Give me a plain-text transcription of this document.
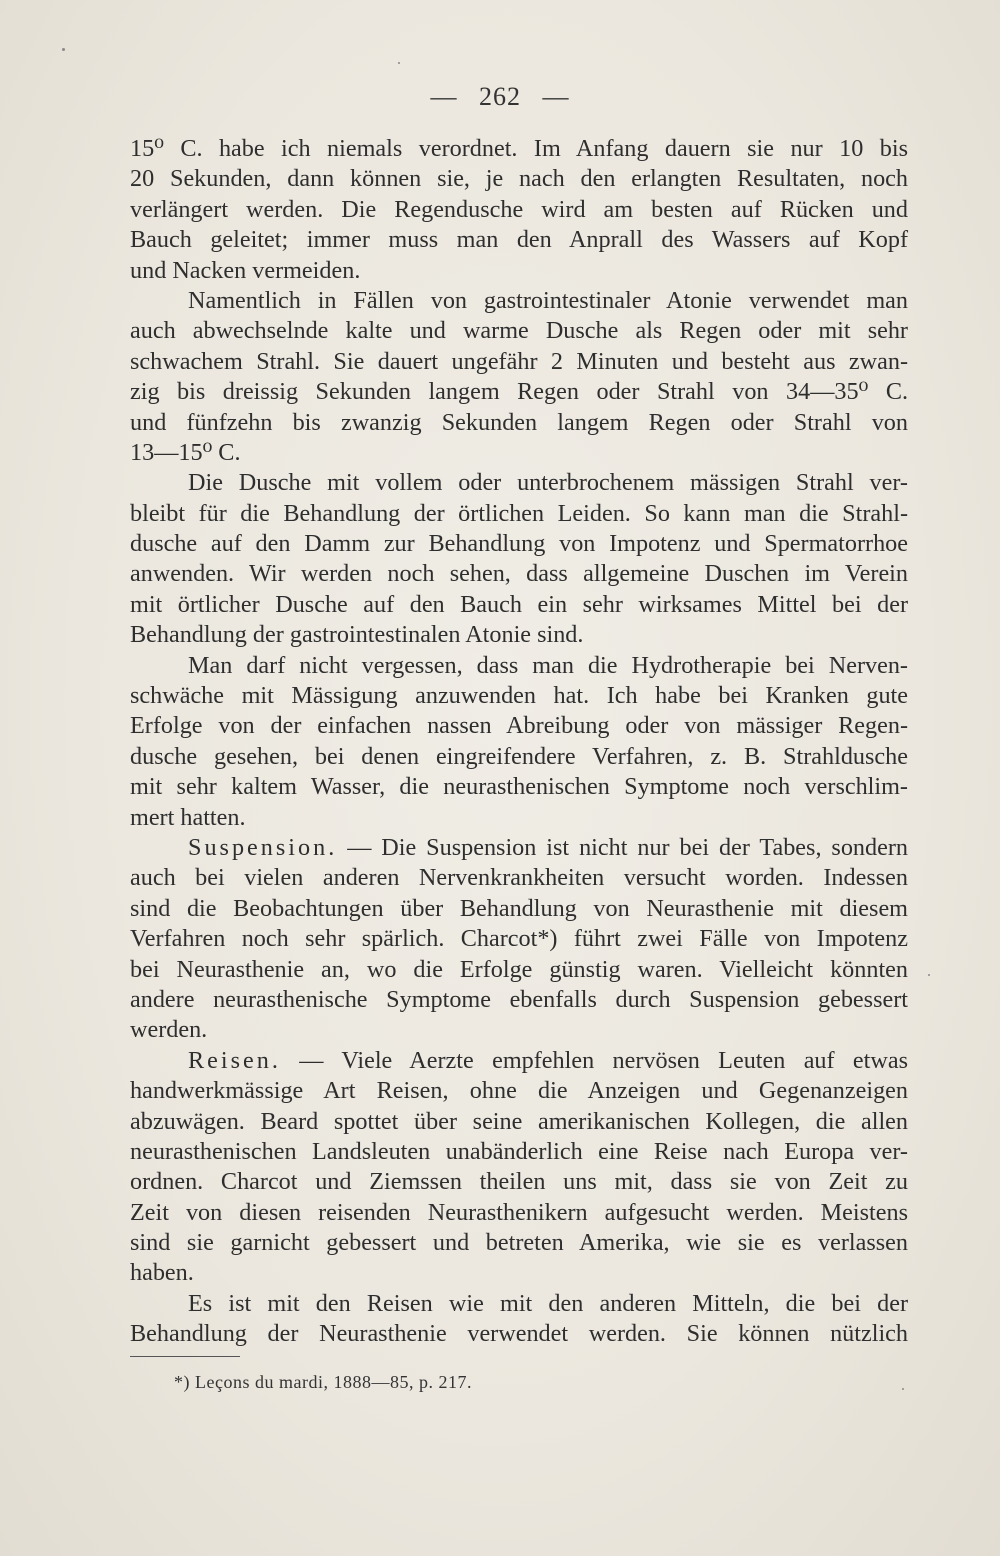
— 262 —
15⁰ C. habe ich niemals verordnet. Im Anfang dauern sie nur 10 bis
20 Sekunden, dann können sie, je nach den erlangten Resultaten, noch
verlängert werden. Die Regendusche wird am besten auf Rücken und
Bauch geleitet; immer muss man den Anprall des Wassers auf Kopf
und Nacken vermeiden.
Namentlich in Fällen von gastrointestinaler Atonie verwendet man
auch abwechselnde kalte und warme Dusche als Regen oder mit sehr
schwachem Strahl. Sie dauert ungefähr 2 Minuten und besteht aus zwan-
zig bis dreissig Sekunden langem Regen oder Strahl von 34—35⁰ C.
und fünfzehn bis zwanzig Sekunden langem Regen oder Strahl von
13—15⁰ C.
Die Dusche mit vollem oder unterbrochenem mässigen Strahl ver-
bleibt für die Behandlung der örtlichen Leiden. So kann man die Strahl-
dusche auf den Damm zur Behandlung von Impotenz und Spermatorrhoe
anwenden. Wir werden noch sehen, dass allgemeine Duschen im Verein
mit örtlicher Dusche auf den Bauch ein sehr wirksames Mittel bei der
Behandlung der gastrointestinalen Atonie sind.
Man darf nicht vergessen, dass man die Hydrotherapie bei Nerven-
schwäche mit Mässigung anzuwenden hat. Ich habe bei Kranken gute
Erfolge von der einfachen nassen Abreibung oder von mässiger Regen-
dusche gesehen, bei denen eingreifendere Verfahren, z. B. Strahldusche
mit sehr kaltem Wasser, die neurasthenischen Symptome noch verschlim-
mert hatten.
Suspension. — Die Suspension ist nicht nur bei der Tabes, sondern
auch bei vielen anderen Nervenkrankheiten versucht worden. Indessen
sind die Beobachtungen über Behandlung von Neurasthenie mit diesem
Verfahren noch sehr spärlich. Charcot*) führt zwei Fälle von Impotenz
bei Neurasthenie an, wo die Erfolge günstig waren. Vielleicht könnten
andere neurasthenische Symptome ebenfalls durch Suspension gebessert
werden.
Reisen. — Viele Aerzte empfehlen nervösen Leuten auf etwas
handwerkmässige Art Reisen, ohne die Anzeigen und Gegenanzeigen
abzuwägen. Beard spottet über seine amerikanischen Kollegen, die allen
neurasthenischen Landsleuten unabänderlich eine Reise nach Europa ver-
ordnen. Charcot und Ziemssen theilen uns mit, dass sie von Zeit zu
Zeit von diesen reisenden Neurasthenikern aufgesucht werden. Meistens
sind sie garnicht gebessert und betreten Amerika, wie sie es verlassen
haben.
Es ist mit den Reisen wie mit den anderen Mitteln, die bei der
Behandlung der Neurasthenie verwendet werden. Sie können nützlich
*) Leçons du mardi, 1888—85, p. 217.
